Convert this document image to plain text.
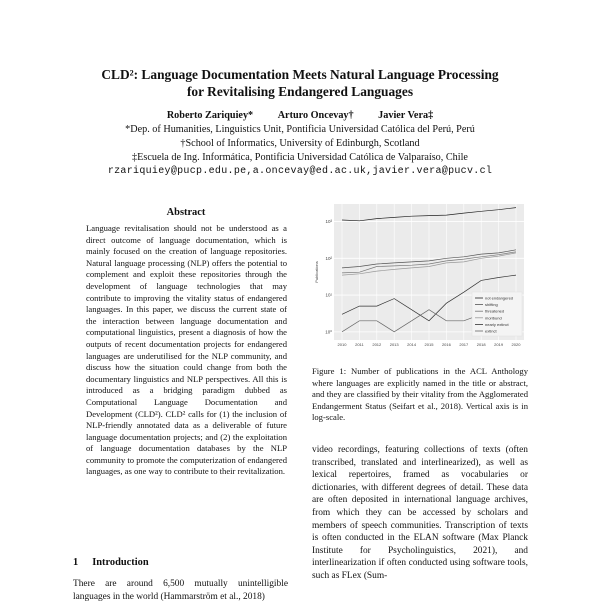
CLD²: Language Documentation Meets Natural Language Processing
for Revitalising Endangered Languages
Roberto Zariquiey* Arturo Oncevay† Javier Vera‡
*Dep. of Humanities, Linguistics Unit, Pontificia Universidad Católica del Perú, Perú
†School of Informatics, University of Edinburgh, Scotland
‡Escuela de Ing. Informática, Pontificia Universidad Católica de Valparaíso, Chile
rzariquiey@pucp.edu.pe,a.oncevay@ed.ac.uk,javier.vera@pucv.cl
Abstract
Language revitalisation should not be understood as a direct outcome of language documentation, which is mainly focused on the creation of language repositories. Natural language processing (NLP) offers the potential to complement and exploit these repositories through the development of language technologies that may contribute to improving the vitality status of endangered languages. In this paper, we discuss the current state of the interaction between language documentation and computational linguistics, present a diagnosis of how the outputs of recent documentation projects for endangered languages are underutilised for the NLP community, and discuss how the situation could change from both the documentary linguistics and NLP perspectives. All this is introduced as a bridging paradigm dubbed as Computational Language Documentation and Development (CLD²). CLD² calls for (1) the inclusion of NLP-friendly annotated data as a deliverable of future language documentation projects; and (2) the exploitation of language documentation databases by the NLP community to promote the computerization of endangered languages, as one way to contribute to their revitalization.
1 Introduction
There are around 6,500 mutually unintelligible languages in the world (Hammarström et al., 2018)
10⁰
10¹
10²
10³
2010 2011 2012 2013 2014 2015 2016 2017 2018 2019 2020
not endangered
shifting
threatened
moribund
nearly extinct
extinct
Publications
Figure 1: Number of publications in the ACL Anthology where languages are explicitly named in the title or abstract, and they are classified by their vitality from the Agglomerated Endangerment Status (Seifart et al., 2018). Vertical axis is in log-scale.
video recordings, featuring collections of texts (often transcribed, translated and interlinearized), as well as lexical repertoires, framed as vocabularies or dictionaries, with different degrees of detail. These data are often deposited in international language archives, from which they can be accessed by scholars and members of speech communities. Transcription of texts is often conducted in the ELAN software (Max Planck Institute for Psycholinguistics, 2021), and interlinearization if often conducted using software tools, such as FLex (Sum-
